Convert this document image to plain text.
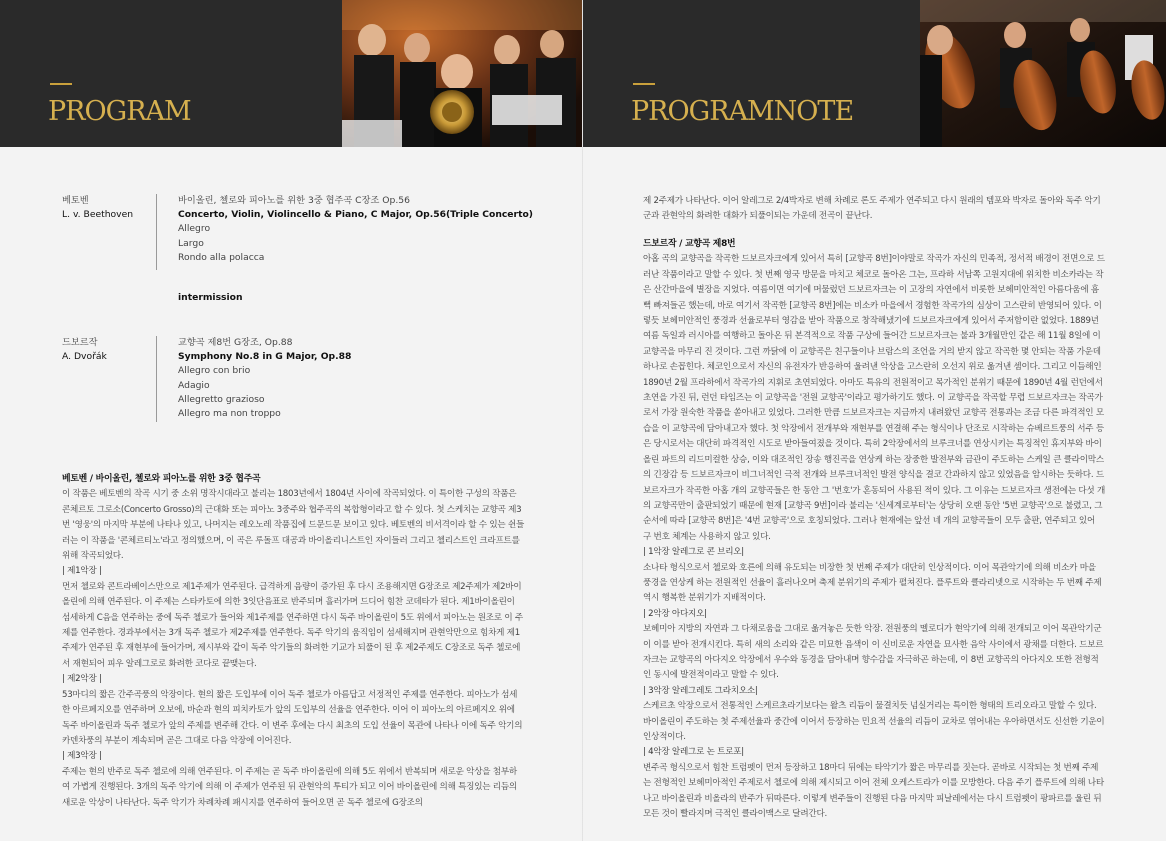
PROGRAM
베토벤
L. v. Beethoven
바이올린, 첼로와 피아노를 위한 3중 협주곡 C장조 Op.56
Concerto, Violin, Violincello & Piano, C Major, Op.56(Triple Concerto)
Allegro
Largo
Rondo alla polacca
intermission
드보르작
A. Dvořák
교향곡 제8번 G장조, Op.88
Symphony No.8 in G Major, Op.88
Allegro con brio
Adagio
Allegretto grazioso
Allegro ma non troppo
베토벤 / 바이올린, 첼로와 피아노를 위한 3중 협주곡

이 작품은 베토벤의 작곡 시기 중 소위 명작시대라고 불리는 1803년에서 1804년 사이에 작곡되었다. 이 특이한 구성의 작품은 콘체르토 그로소(Concerto Grosso)의 근대화 또는 피아노 3중주와 협주곡의 복합형이라고 할 수 있다. 첫 스케치는 교향곡 제3번 '영웅'의 마지막 부분에 나타나 있고, 나머지는 레오노레 작품집에 드문드문 보이고 있다. 베토벤의 비서격이라 할 수 있는 쉰들러는 이 작품을 '콘체르티노'라고 정의했으며, 이 곡은 루돌프 대공과 바이올리니스트인 자이들러 그리고 첼리스트인 크라프트를 위해 작곡되었다.

| 제1악장 |

먼저 첼로와 콘트라베이스만으로 제1주제가 연주된다. 급격하게 음량이 증가된 후 다시 조용해지면 G장조로 제2주제가 제2바이올린에 의해 연주된다. 이 주제는 스타카토에 의한 3잇단음표로 반주되며 흘러가며 드디어 힘찬 코데타가 된다. 제1바이올린이 섬세하게 C음을 연주하는 중에 독주 첼로가 들어와 제1주제를 연주하면 다시 독주 바이올린이 5도 위에서 피아노는 원조로 이 주제를 연주한다. 경과부에서는 3개 독주 첼로가 제2주제를 연주한다. 독주 악기의 움직임이 섬세해지며 관현악만으로 힘차게 제1주제가 연주된 후 재현부에 들어가며, 제시부와 같이 독주 악기들의 화려한 기교가 되풀이 된 후 제2주제도 C장조로 독주 첼로에서 재현되어 피우 알레그로로 화려한 코다로 끝맺는다.

| 제2악장 |

53마디의 짧은 간주곡풍의 악장이다. 현의 짧은 도입부에 이어 독주 첼로가 아름답고 서정적인 주제를 연주한다. 피아노가 섬세한 아르페지오를 연주하며 오보에, 바순과 현의 피치카토가 앞의 도입부의 선율을 연주한다. 이어 이 피아노의 아르페지오 위에 독주 바이올린과 독주 첼로가 앞의 주제를 변주해 간다. 이 변주 후에는 다시 최초의 도입 선율이 목관에 나타나 이에 독주 악기의 카덴차풍의 부분이 계속되며 곧은 그대로 다음 악장에 이어진다.

| 제3악장 |

주제는 현의 반주로 독주 첼로에 의해 연주된다. 이 주제는 곧 독주 바이올린에 의해 5도 위에서 반복되며 새로운 악상을 첨부하여 가볍게 진행된다. 3개의 독주 악기에 의해 이 주제가 연주된 뒤 관현악의 투티가 되고 이어 바이올린에 의해 특징있는 리듬의 새로운 악상이 나타난다. 독주 악기가 차례차례 패시지를 연주하여 들어오면 곧 독주 첼로에 G장조의

PROGRAMNOTE

제 2주제가 나타난다. 이어 알레그로 2/4박자로 변해 차례로 론도 주제가 연주되고 다시 원래의 템포와 박자로 돌아와 독주 악기군과 관현악의 화려한 대화가 되풀이되는 가운데 전곡이 끝난다.

드보르작 / 교향곡 제8번

아홉 곡의 교향곡을 작곡한 드보르자크에게 있어서 특히 [교향곡 8번]이야말로 작곡가 자신의 민족적, 정서적 배경이 전면으로 드러난 작품이라고 말할 수 있다. 첫 번째 영국 방문을 마치고 체코로 돌아온 그는, 프라하 서남쪽 고원지대에 위치한 비소카라는 작은 산간마을에 별장을 지었다. 여름이면 여기에 머물렀던 드보르자크는 이 고장의 자연에서 비롯한 보헤미안적인 아름다움에 흠뻑 빠져들곤 했는데, 바로 여기서 작곡한 [교향곡 8번]에는 비소카 마을에서 경험한 작곡가의 심상이 고스란히 반영되어 있다. 이렇듯 보헤미안적인 풍경과 선율로부터 영감을 받아 작품으로 창작해냈기에 드보르자크에게 있어서 주저함이란 없었다. 1889년 여름 독일과 러시아를 여행하고 돌아온 뒤 본격적으로 작품 구상에 들어간 드보르자크는 불과 3개월만인 같은 해 11월 8일에 이 교향곡을 마무리 진 것이다. 그런 까닭에 이 교향곡은 친구들이나 브람스의 조언을 거의 받지 않고 작곡한 몇 안되는 작품 가운데 하나로 손꼽힌다. 체코인으로서 자신의 유전자가 반응하여 울려낸 악상을 고스란히 오선지 위로 옮겨낸 셈이다. 그리고 이듬해인 1890년 2월 프라하에서 작곡가의 지휘로 초연되었다. 아마도 특유의 전원적이고 목가적인 분위기 때문에 1890년 4월 런던에서 초연을 가진 뒤, 런던 타임즈는 이 교향곡을 '전원 교향곡'이라고 평가하기도 했다. 이 교향곡을 작곡할 무렵 드보르자크는 작곡가로서 가장 원숙한 작품을 쏟아내고 있었다. 그러한 만큼 드보르자크는 지금까지 내려왔던 교향곡 전통과는 조금 다른 파격적인 모습을 이 교향곡에 담아내고자 했다. 첫 악장에서 전개부와 재현부를 연결해 주는 형식이나 단조로 시작하는 슈베르트풍의 서주 등은 당시로서는 대단히 파격적인 시도로 받아들여졌을 것이다. 특히 2악장에서의 브루크너를 연상시키는 특징적인 휴지부와 바이올린 파트의 리드미컬한 상승, 이와 대조적인 장송 행진곡을 연상케 하는 장중한 발전부와 금관이 주도하는 스케일 큰 클라이막스의 긴장감 등 드보르자크이 비그너적인 극적 전개와 브루크너적인 발전 양식을 결코 간과하지 않고 있었음을 암시하는 듯하다. 드보르자크가 작곡한 아홉 개의 교향곡들은 한 동안 그 '번호'가 혼동되어 사용된 적이 있다. 그 이유는 드보르자크 생전에는 다섯 개의 교향곡만이 출판되었기 때문에 현재 [교향곡 9번]이라 불리는 '신세계로부터'는 상당히 오랜 동안 '5번 교향곡'으로 불렸고, 그 순서에 따라 [교향곡 8번]은 '4번 교향곡'으로 호칭되었다. 그러나 현재에는 앞선 네 개의 교향곡들이 모두 출판, 연주되고 있어 구 번호 체계는 사용하지 않고 있다.

| 1악장 알레그로 콘 브리오|

소나타 형식으로서 첼로와 호른에 의해 유도되는 비장한 첫 번째 주제가 대단히 인상적이다. 이어 목관악기에 의해 비소카 마을 풍경을 연상케 하는 전원적인 선율이 흘러나오며 축제 분위기의 주제가 펼쳐진다. 플루트와 클라리넷으로 시작하는 두 번째 주제 역시 행복한 분위기가 지배적이다.

| 2악장 아다지오|

보헤미아 지방의 자연과 그 다채로움을 그대로 옮겨놓은 듯한 악장. 전원풍의 멜로디가 현악기에 의해 전개되고 이어 목관악기군이 이를 받아 전개시킨다. 특히 새의 소리와 같은 미묘한 음색이 이 신비로운 자연을 묘사한 음악 사이에서 광채를 더한다. 드보르자크는 교향곡의 아다지오 악장에서 우수와 동경을 담아내며 향수감을 자극하곤 하는데, 이 8번 교향곡의 아다지오 또한 전형적인 동시에 발전적이라고 말할 수 있다.

| 3악장 알레그레토 그라치오소|

스케르초 악장으로서 전통적인 스케르초라기보다는 왈츠 리듬이 물결치듯 넘실거리는 특이한 형태의 트리오라고 말할 수 있다. 바이올린이 주도하는 첫 주제선율과 중간에 이어서 등장하는 민요적 선율의 리듬이 교차로 엮어내는 우아하면서도 신선한 기운이 인상적이다.

| 4악장 알레그로 논 트로포|

변주곡 형식으로서 힘찬 트럼펫이 먼저 등장하고 18마디 뒤에는 타악기가 짧은 마무리를 짓는다. 곧바로 시작되는 첫 번째 주제는 전형적인 보헤미아적인 주제로서 첼로에 의해 제시되고 이어 전체 오케스트라가 이를 모방한다. 다음 주기 플루트에 의해 나타나고 바이올린과 비올라의 반주가 뒤따른다. 이렇게 변주들이 진행된 다음 마지막 피날레에서는 다시 트럼펫이 팡파르를 울린 뒤 모든 것이 빨라지며 극적인 클라이맥스로 달려간다.
